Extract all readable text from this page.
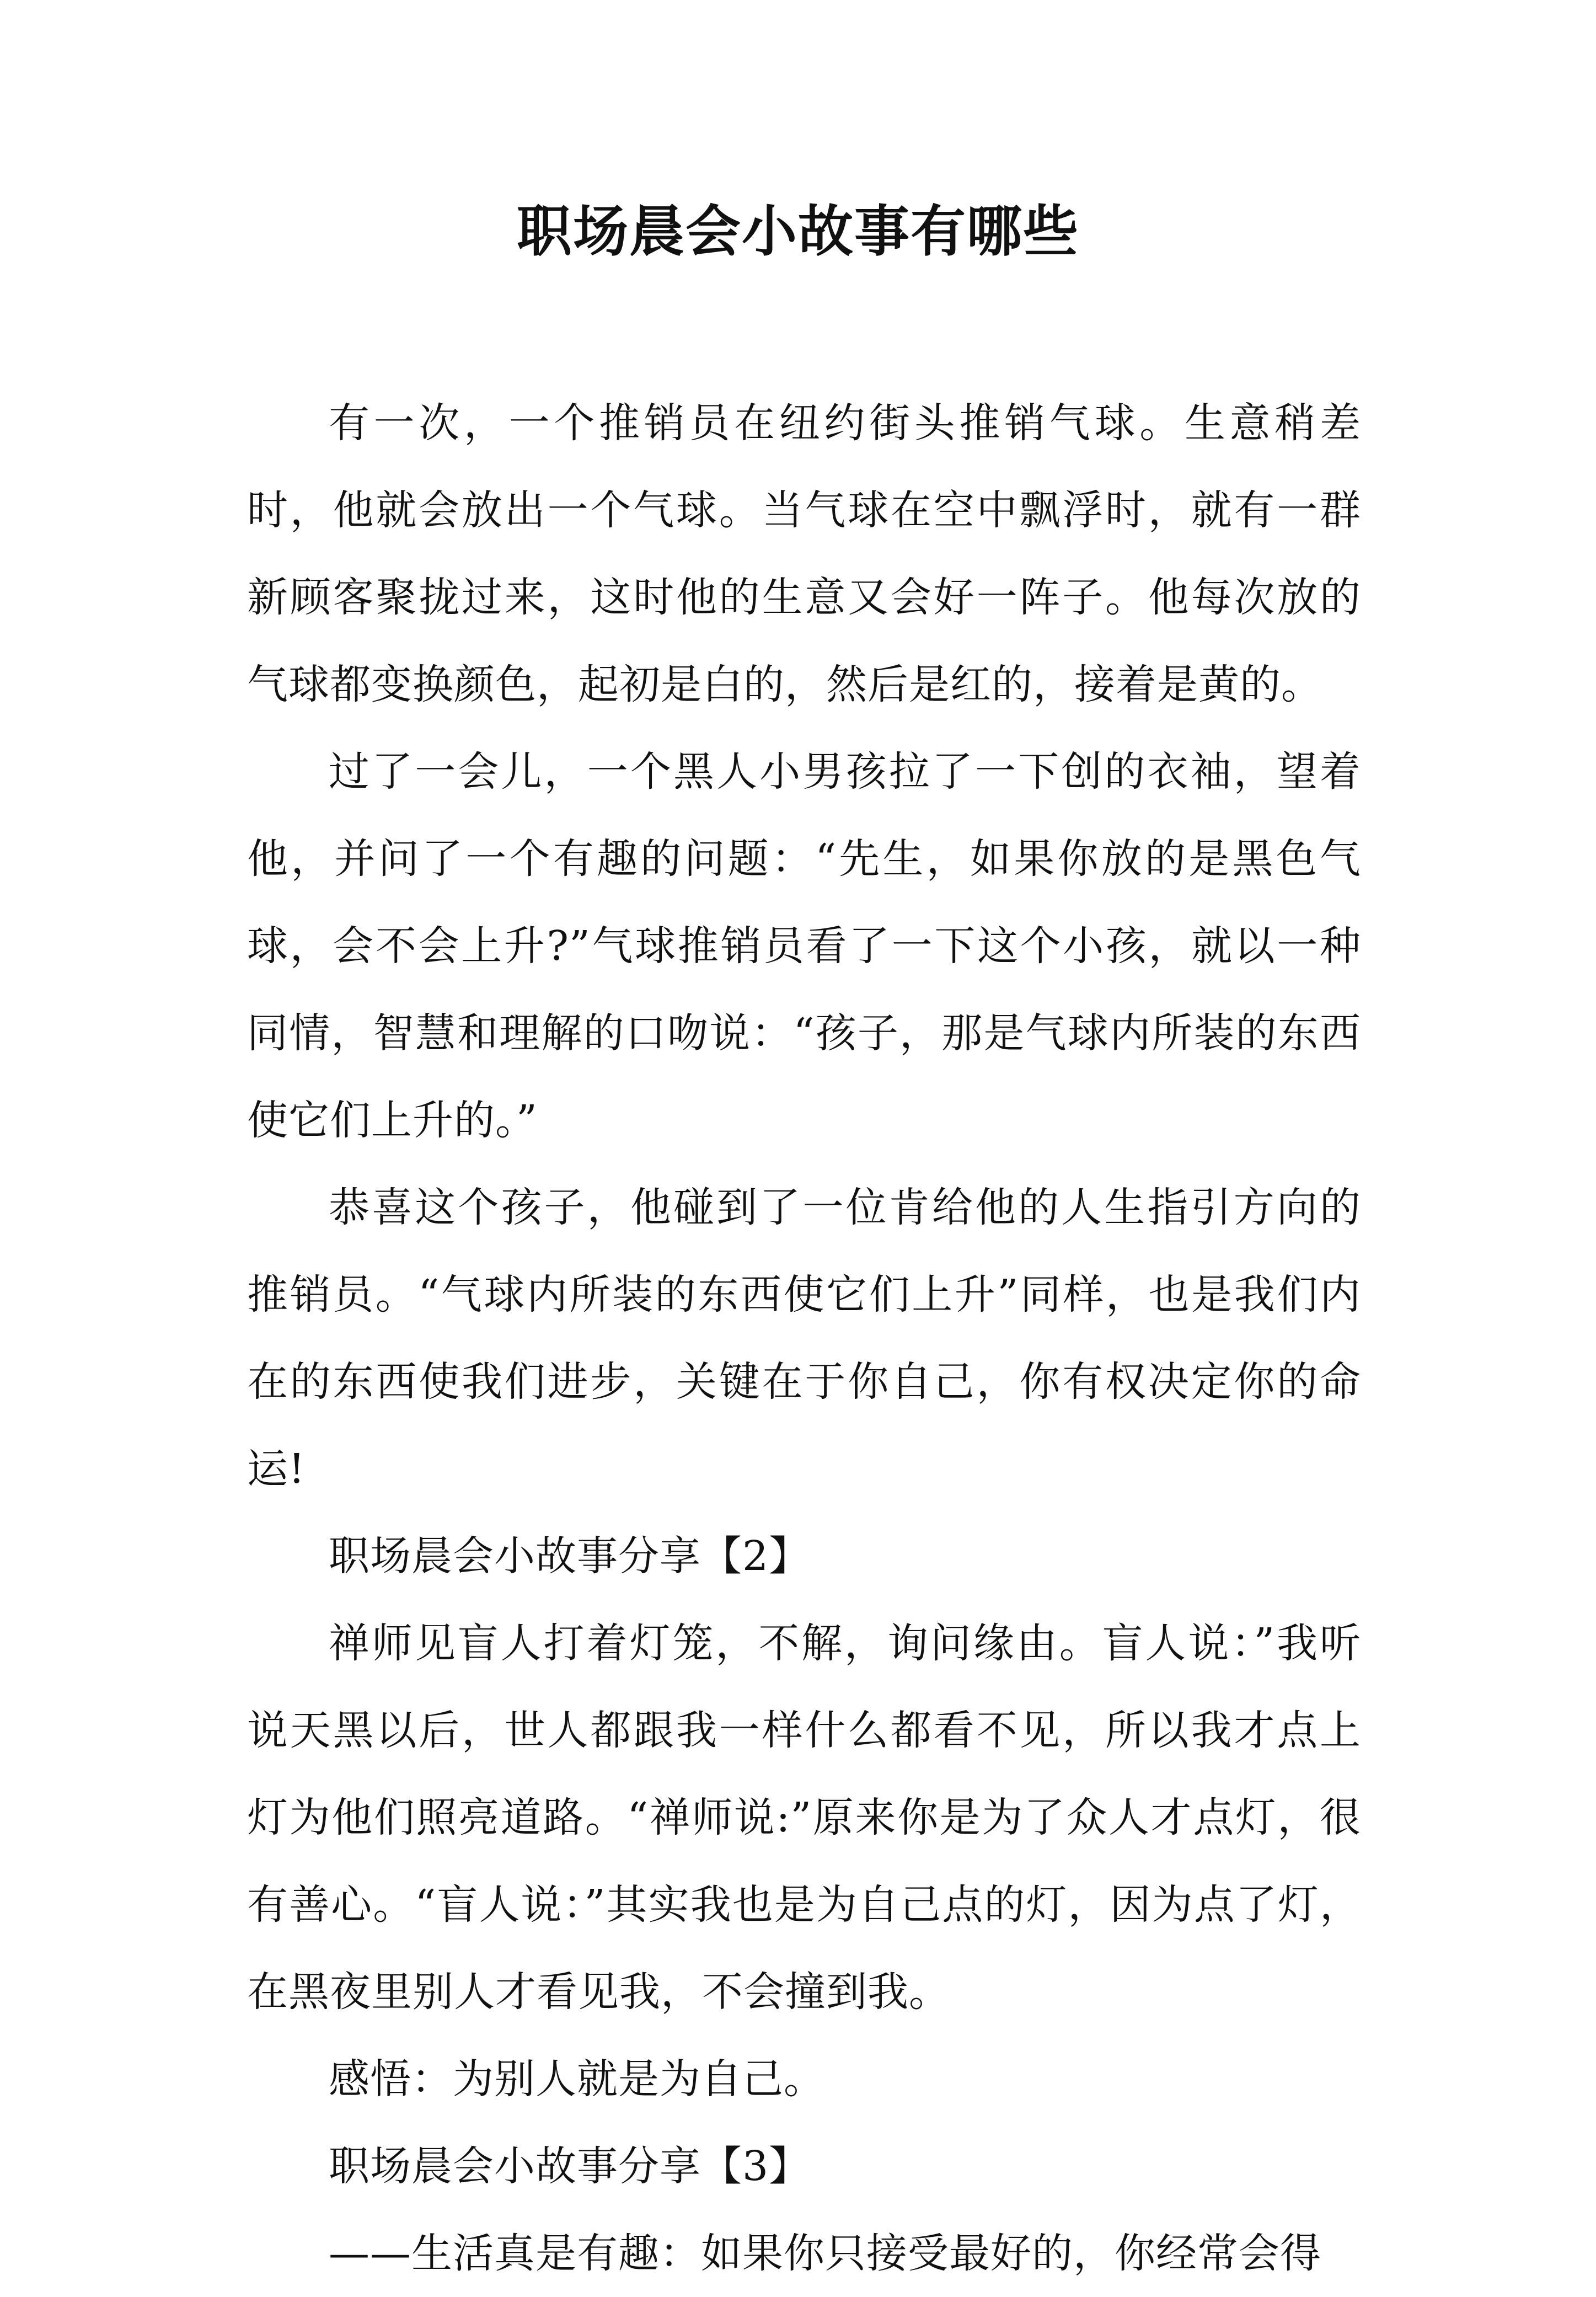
职场晨会小故事有哪些

有一次，一个推销员在纽约街头推销气球。生意稍差时，他就会放出一个气球。当气球在空中飘浮时，就有一群新顾客聚拢过来，这时他的生意又会好一阵子。他每次放的气球都变换颜色，起初是白的，然后是红的，接着是黄的。

过了一会儿，一个黑人小男孩拉了一下创的衣袖，望着他，并问了一个有趣的问题：“先生，如果你放的是黑色气球，会不会上升?”气球推销员看了一下这个小孩，就以一种同情，智慧和理解的口吻说：“孩子，那是气球内所装的东西使它们上升的。”

恭喜这个孩子，他碰到了一位肯给他的人生指引方向的推销员。“气球内所装的东西使它们上升”同样，也是我们内在的东西使我们进步，关键在于你自己，你有权决定你的命运!

职场晨会小故事分享【2】

禅师见盲人打着灯笼，不解，询问缘由。盲人说：”我听说天黑以后，世人都跟我一样什么都看不见，所以我才点上灯为他们照亮道路。“禅师说:”原来你是为了众人才点灯，很有善心。“盲人说：”其实我也是为自己点的灯，因为点了灯，在黑夜里别人才看见我，不会撞到我。

感悟：为别人就是为自己。

职场晨会小故事分享【3】

——生活真是有趣：如果你只接受最好的，你经常会得
